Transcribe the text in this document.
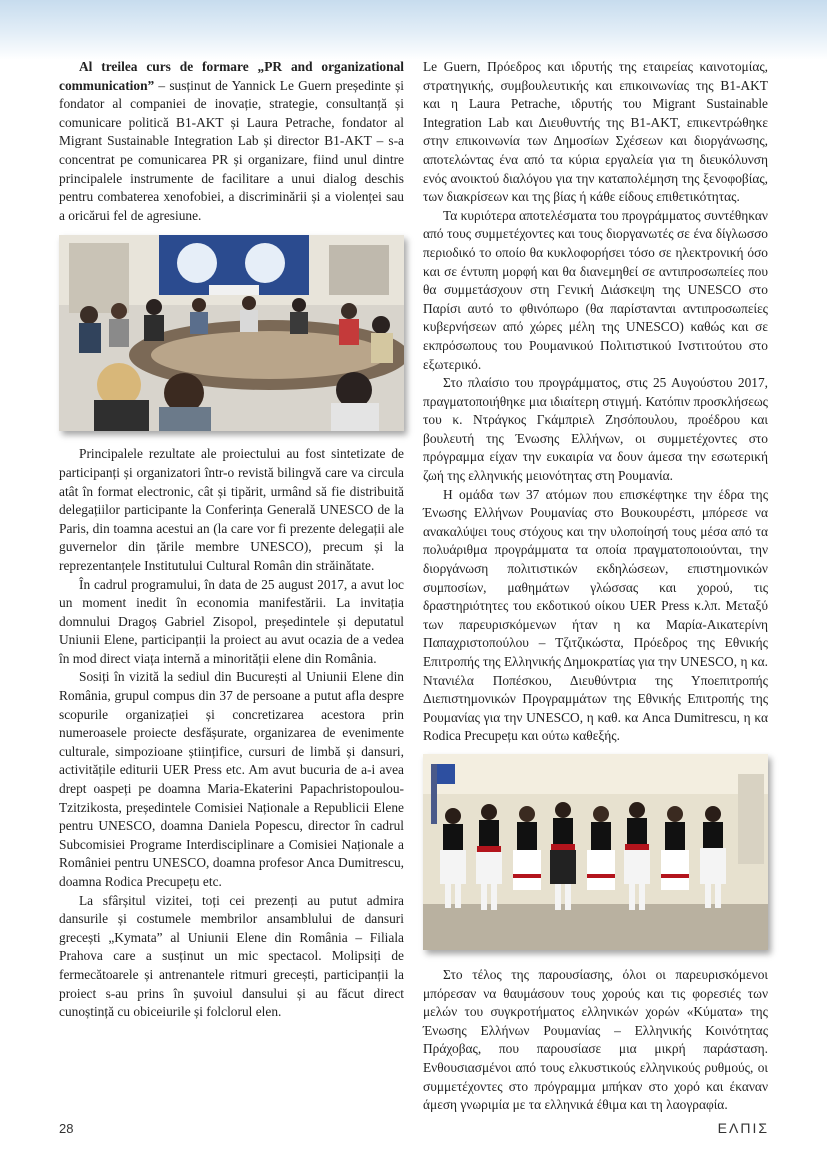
Al treilea curs de formare „PR and organizational communication” – susținut de Yannick Le Guern președinte și fondator al companiei de inovație, strategie, consultanță și comunicare politică B1-AKT și Laura Petrache, fondator al Migrant Sustainable Integration Lab și director B1-AKT – s-a concentrat pe comunicarea PR și organizare, fiind unul dintre principalele instrumente de facilitare a unui dialog deschis pentru combaterea xenofobiei, a discriminării și a violenței sau a oricărui fel de agresiune.

Principalele rezultate ale proiectului au fost sintetizate de participanți și organizatori într-o revistă bilingvă care va circula atât în format electronic, cât și tipărit, urmând să fie distribuită delegațiilor participante la Conferința Generală UNESCO de la Paris, din toamna acestui an (la care vor fi prezente delegații ale guvernelor din țările membre UNESCO), precum și la reprezentanțele Institutului Cultural Român din străinătate.

În cadrul programului, în data de 25 august 2017, a avut loc un moment inedit în economia manifestării. La invitația domnului Dragoș Gabriel Zisopol, președintele și deputatul Uniunii Elene, participanții la proiect au avut ocazia de a vedea în mod direct viața internă a minorității elene din România.

Sosiți în vizită la sediul din București al Uniunii Elene din România, grupul compus din 37 de persoane a putut afla despre scopurile organizației și concretizarea acestora prin numeroasele proiecte desfășurate, organizarea de evenimente culturale, simpozioane științifice, cursuri de limbă și dansuri, activitățile editurii UER Press etc. Am avut bucuria de a-i avea drept oaspeți pe doamna Maria-Ekaterini Papachristopoulou-Tzitzikosta, președintele Comisiei Naționale a Republicii Elene pentru UNESCO, doamna Daniela Popescu, director în cadrul Subcomisiei Programe Interdisciplinare a Comisiei Naționale a României pentru UNESCO, doamna profesor Anca Dumitrescu, doamna Rodica Precupețu etc.

La sfârșitul vizitei, toți cei prezenți au putut admira dansurile și costumele membrilor ansamblului de dansuri grecești „Kymata” al Uniunii Elene din România – Filiala Prahova care a susținut un mic spectacol. Molipsiți de fermecătoarele și antrenantele ritmuri grecești, participanții la proiect s-au prins în șuvoiul dansului și au făcut direct cunoștință cu obiceiurile și folclorul elen.

Le Guern, Πρόεδρος και ιδρυτής της εταιρείας καινοτομίας, στρατηγικής, συμβουλευτικής και επικοινωνίας της B1-AKT και η Laura Petrache, ιδρυτής του Migrant Sustainable Integration Lab και Διευθυντής της B1-AKT, επικεντρώθηκε στην επικοινωνία των Δημοσίων Σχέσεων και διοργάνωσης, αποτελώντας ένα από τα κύρια εργαλεία για τη διευκόλυνση ενός ανοικτού διαλόγου για την καταπολέμηση της ξενοφοβίας, των διακρίσεων και της βίας ή κάθε είδους επιθετικότητας.

Τα κυριότερα αποτελέσματα του προγράμματος συντέθηκαν από τους συμμετέχοντες και τους διοργανωτές σε ένα δίγλωσσο περιοδικό το οποίο θα κυκλοφορήσει τόσο σε ηλεκτρονική όσο και σε έντυπη μορφή και θα διανεμηθεί σε αντιπροσωπείες που θα συμμετάσχουν στη Γενική Διάσκεψη της UNESCO στο Παρίσι αυτό το φθινόπωρο (θα παρίστανται αντιπροσωπείες κυβερνήσεων από χώρες μέλη της UNESCO) καθώς και σε εκπρόσωπους του Ρουμανικού Πολιτιστικού Ινστιτούτου στο εξωτερικό.

Στο πλαίσιο του προγράμματος, στις 25 Αυγούστου 2017, πραγματοποιήθηκε μια ιδιαίτερη στιγμή. Κατόπιν προσκλήσεως του κ. Ντράγκος Γκάμπριελ Ζησόπουλου, προέδρου και βουλευτή της Ένωσης Ελλήνων, οι συμμετέχοντες στο πρόγραμμα είχαν την ευκαιρία να δουν άμεσα την εσωτερική ζωή της ελληνικής μειονότητας στη Ρουμανία.

Η ομάδα των 37 ατόμων που επισκέφτηκε την έδρα της Ένωσης Ελλήνων Ρουμανίας στο Βουκουρέστι, μπόρεσε να ανακαλύψει τους στόχους και την υλοποίησή τους μέσα από τα πολυάριθμα προγράμματα τα οποία πραγματοποιούνται, την διοργάνωση πολιτιστικών εκδηλώσεων, επιστημονικών συμποσίων, μαθημάτων γλώσσας και χορού, τις δραστηριότητες του εκδοτικού οίκου UER Press κ.λπ. Μεταξύ των παρευρισκόμενων ήταν η κα Μαρία-Αικατερίνη Παπαχριστοπούλου – Τζιτζικώστα, Πρόεδρος της Εθνικής Επιτροπής της Ελληνικής Δημοκρατίας για την UNESCO, η κα. Ντανιέλα Ποπέσκου, Διευθύντρια της Υποεπιτροπής Διεπιστημονικών Προγραμμάτων της Εθνικής Επιτροπής της Ρουμανίας για την UNESCO, η καθ. κα Anca Dumitrescu, η κα Rodica Precupețu και ούτω καθεξής.

Στο τέλος της παρουσίασης, όλοι οι παρευρισκόμενοι μπόρεσαν να θαυμάσουν τους χορούς και τις φορεσιές των μελών του συγκροτήματος ελληνικών χορών «Κύματα» της Ένωσης Ελλήνων Ρουμανίας – Ελληνικής Κοινότητας Πράχοβας, που παρουσίασε μια μικρή παράσταση. Ενθουσιασμένοι από τους ελκυστικούς ελληνικούς ρυθμούς, οι συμμετέχοντες στο πρόγραμμα μπήκαν στο χορό και έκαναν άμεση γνωριμία με τα ελληνικά έθιμα και τη λαογραφία.

28	ΕΛΠΙΣ
